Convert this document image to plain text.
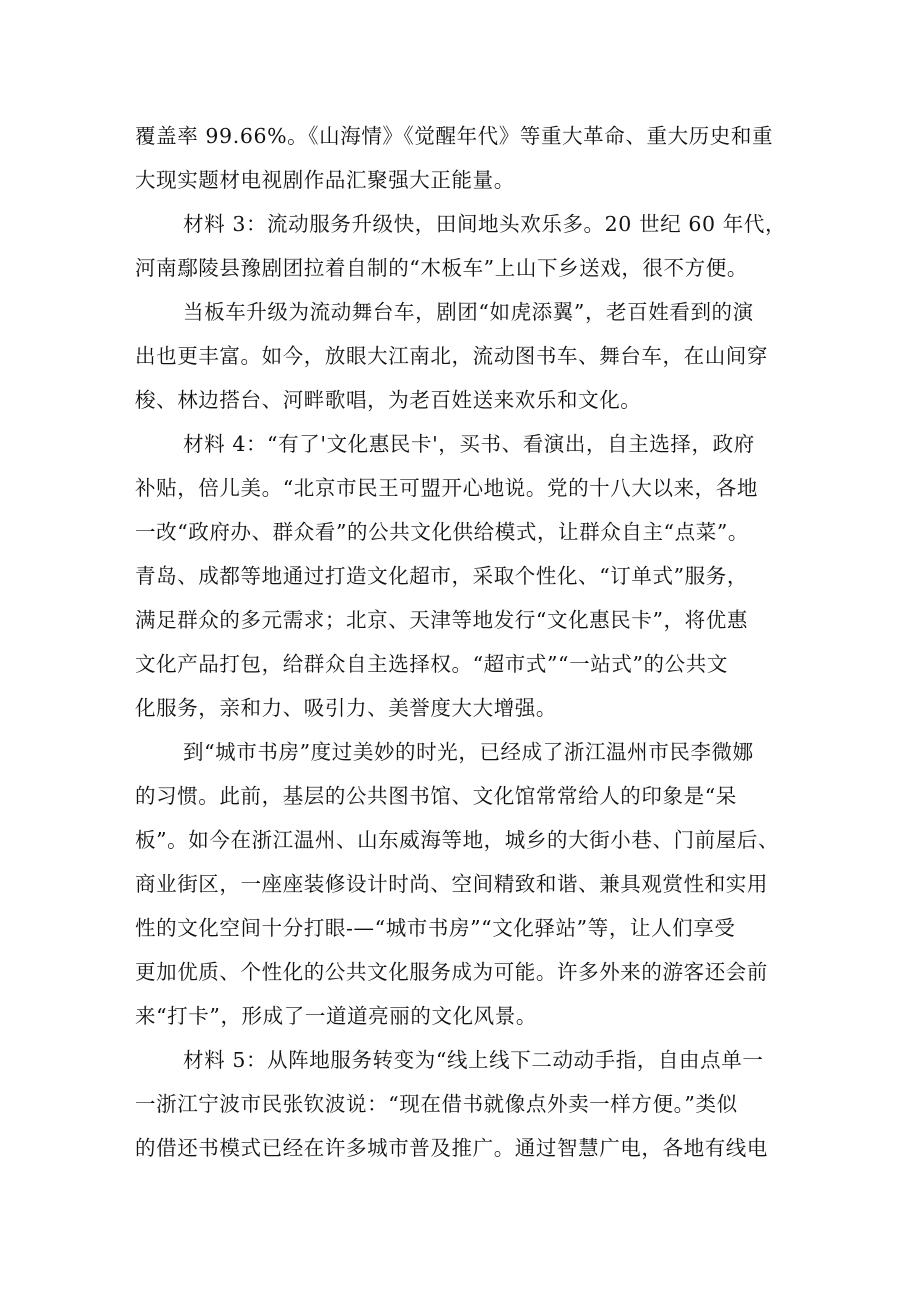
覆盖率 99.66%。《山海情》《觉醒年代》等重大革命、重大历史和重
大现实题材电视剧作品汇聚强大正能量。

材料 3：流动服务升级快，田间地头欢乐多。20 世纪 60 年代，
河南鄢陵县豫剧团拉着自制的“木板车”上山下乡送戏，很不方便。

当板车升级为流动舞台车，剧团“如虎添翼”，老百姓看到的演
出也更丰富。如今，放眼大江南北，流动图书车、舞台车，在山间穿
梭、林边搭台、河畔歌唱，为老百姓送来欢乐和文化。

材料 4：“有了'文化惠民卡'，买书、看演出，自主选择，政府
补贴，倍儿美。“北京市民王可盟开心地说。党的十八大以来，各地
一改“政府办、群众看”的公共文化供给模式，让群众自主“点菜”。
青岛、成都等地通过打造文化超市，采取个性化、“订单式”服务，
满足群众的多元需求；北京、天津等地发行“文化惠民卡”，将优惠
文化产品打包，给群众自主选择权。“超市式”“一站式”的公共文
化服务，亲和力、吸引力、美誉度大大增强。

到“城市书房”度过美妙的时光，已经成了浙江温州市民李微娜
的习惯。此前，基层的公共图书馆、文化馆常常给人的印象是“呆
板”。如今在浙江温州、山东威海等地，城乡的大街小巷、门前屋后、
商业街区，一座座装修设计时尚、空间精致和谐、兼具观赏性和实用
性的文化空间十分打眼-—“城市书房”“文化驿站”等，让人们享受
更加优质、个性化的公共文化服务成为可能。许多外来的游客还会前
来“打卡”，形成了一道道亮丽的文化风景。

材料 5：从阵地服务转变为“线上线下二动动手指，自由点单一
一浙江宁波市民张钦波说：“现在借书就像点外卖一样方便。”类似
的借还书模式已经在许多城市普及推广。通过智慧广电，各地有线电
